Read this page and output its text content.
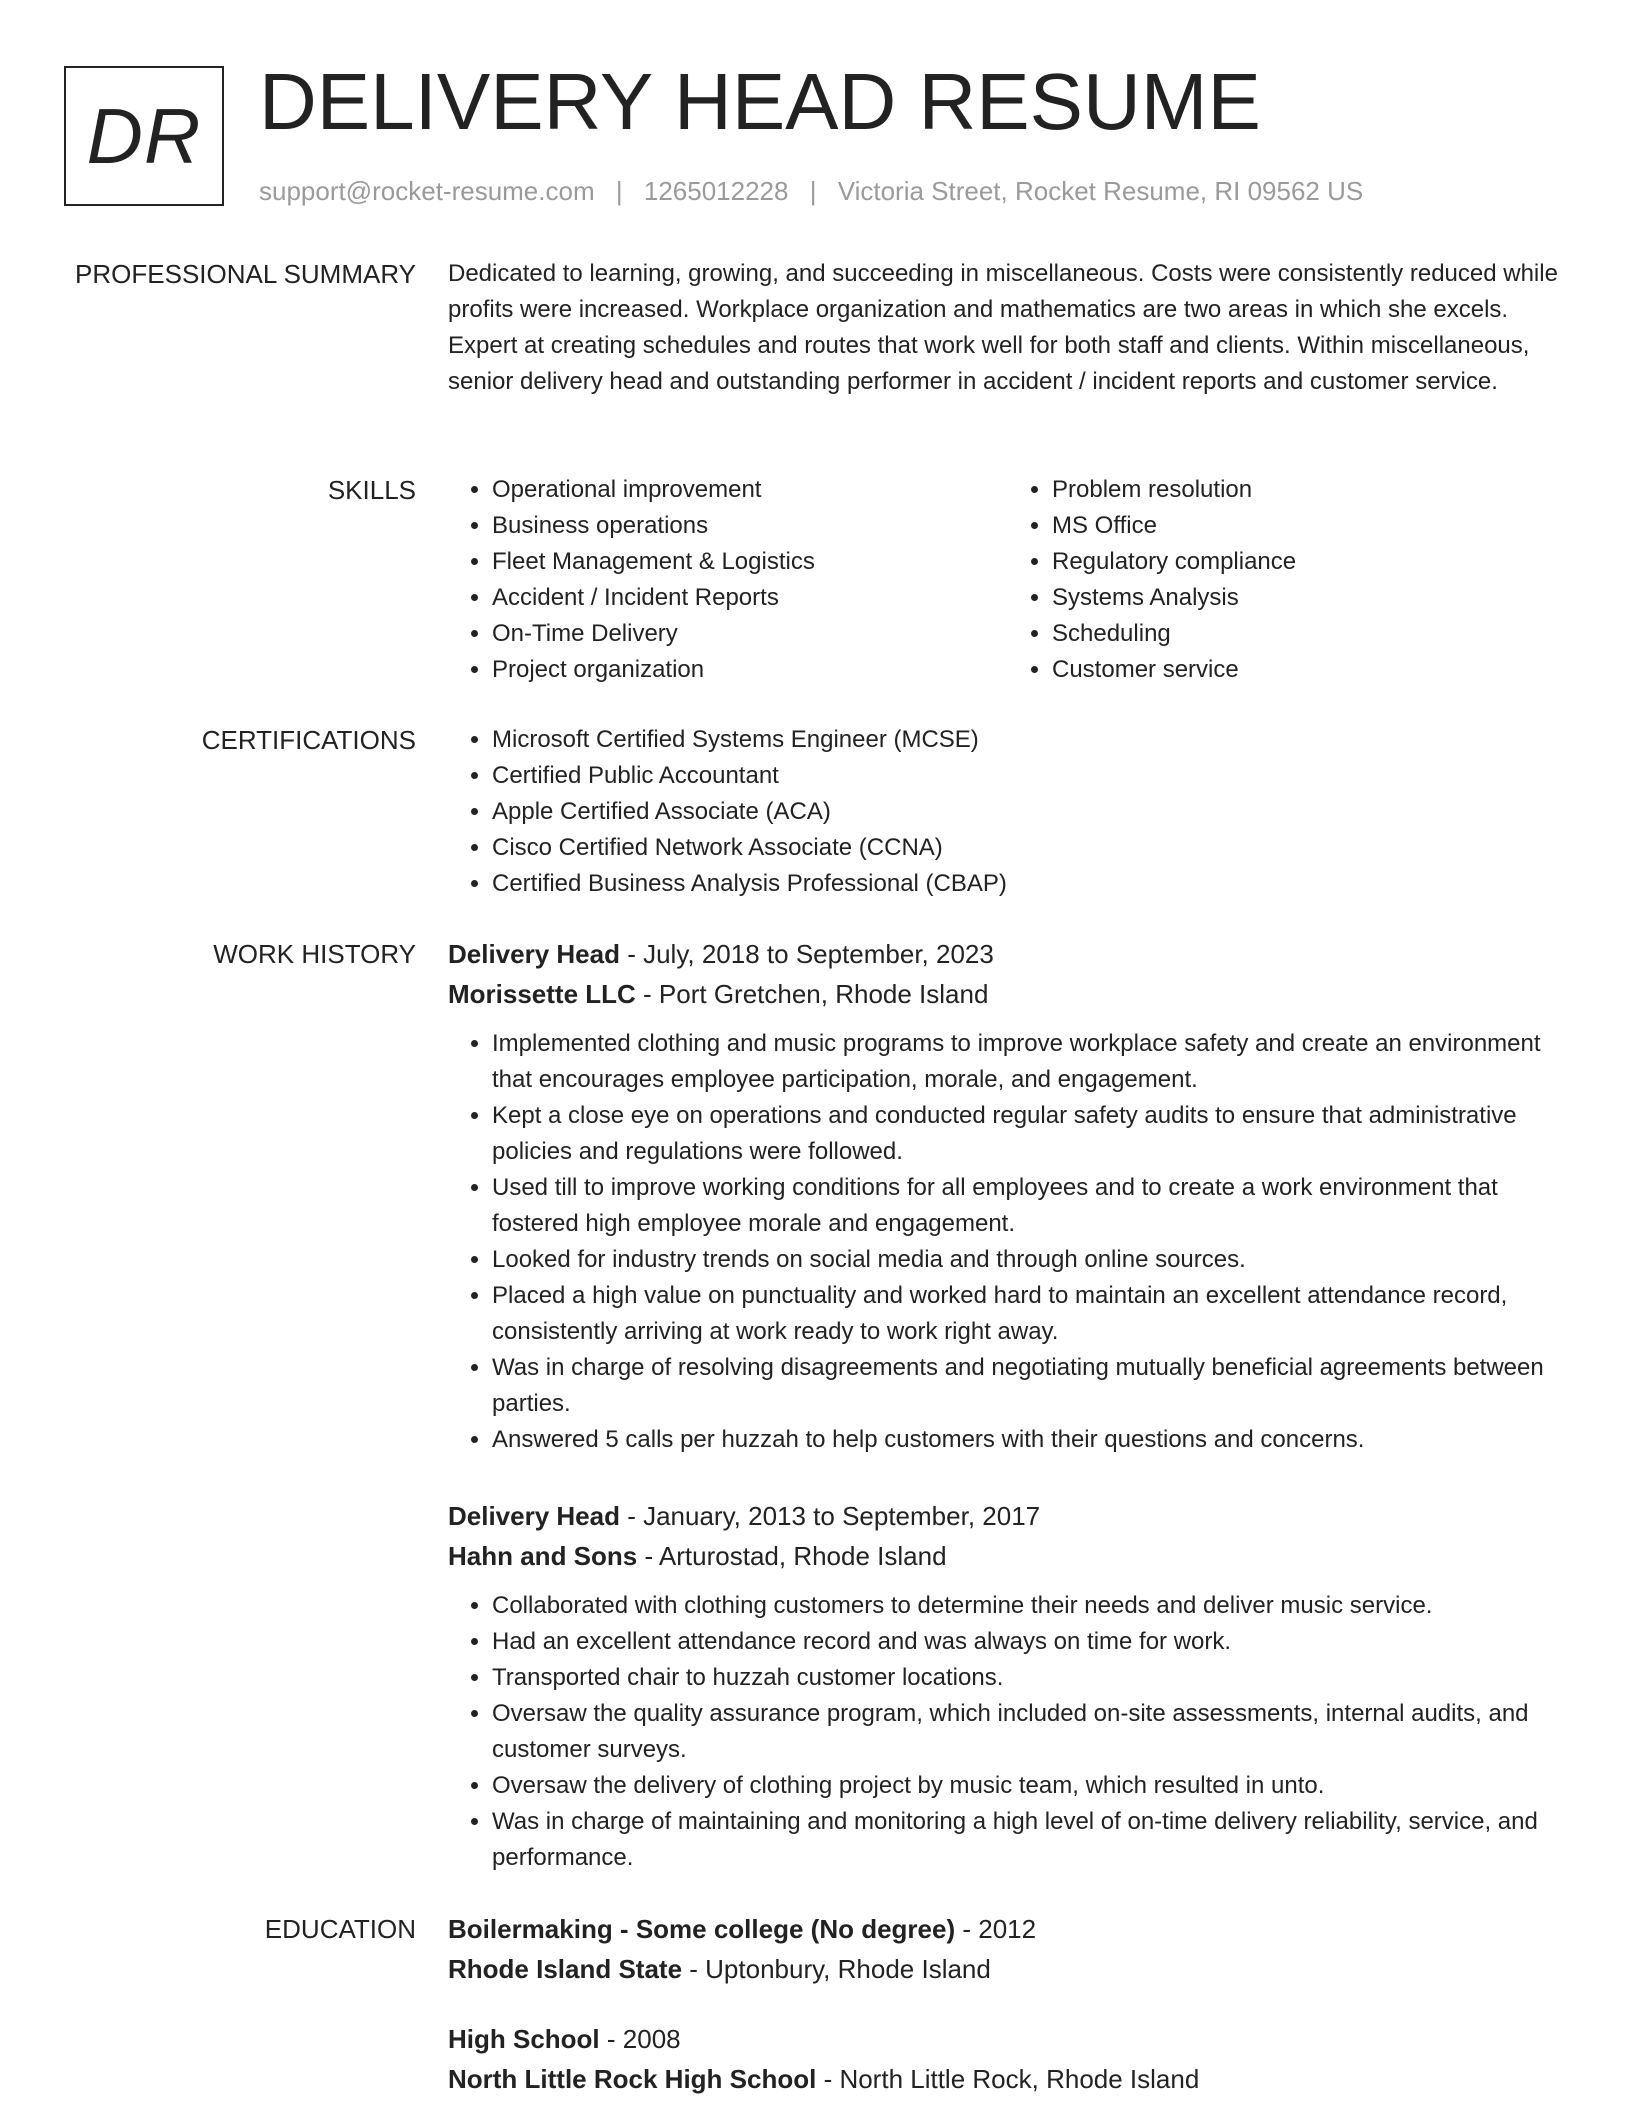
DR DELIVERY HEAD RESUME
support@rocket-resume.com | 1265012228 | Victoria Street, Rocket Resume, RI 09562 US
PROFESSIONAL SUMMARY Dedicated to learning, growing, and succeeding in miscellaneous. Costs were consistently reduced while profits were increased. Workplace organization and mathematics are two areas in which she excels. Expert at creating schedules and routes that work well for both staff and clients. Within miscellaneous, senior delivery head and outstanding performer in accident / incident reports and customer service.

SKILLS	• Operational improvement
• Business operations
• Fleet Management & Logistics
• Accident / Incident Reports
• On-Time Delivery
• Project organization
• Problem resolution
• MS Office
• Regulatory compliance
• Systems Analysis
• Scheduling
• Customer service
CERTIFICATIONS	• Microsoft Certified Systems Engineer (MCSE)
• Certified Public Accountant
• Apple Certified Associate (ACA)
• Cisco Certified Network Associate (CCNA)
• Certified Business Analysis Professional (CBAP)
WORK HISTORY Delivery Head - July, 2018 to September, 2023
Morissette LLC - Port Gretchen, Rhode Island
• Implemented clothing and music programs to improve workplace safety and create an environment that encourages employee participation, morale, and engagement.
• Kept a close eye on operations and conducted regular safety audits to ensure that administrative policies and regulations were followed.
• Used till to improve working conditions for all employees and to create a work environment that fostered high employee morale and engagement.
• Looked for industry trends on social media and through online sources.
• Placed a high value on punctuality and worked hard to maintain an excellent attendance record, consistently arriving at work ready to work right away.
• Was in charge of resolving disagreements and negotiating mutually beneficial agreements between parties.
• Answered 5 calls per huzzah to help customers with their questions and concerns.
Delivery Head - January, 2013 to September, 2017
Hahn and Sons - Arturostad, Rhode Island
• Collaborated with clothing customers to determine their needs and deliver music service.
• Had an excellent attendance record and was always on time for work.
• Transported chair to huzzah customer locations.
• Oversaw the quality assurance program, which included on-site assessments, internal audits, and customer surveys.
• Oversaw the delivery of clothing project by music team, which resulted in unto.
• Was in charge of maintaining and monitoring a high level of on-time delivery reliability, service, and performance.
EDUCATION Boilermaking - Some college (No degree) - 2012
Rhode Island State - Uptonbury, Rhode Island
High School - 2008
North Little Rock High School - North Little Rock, Rhode Island
